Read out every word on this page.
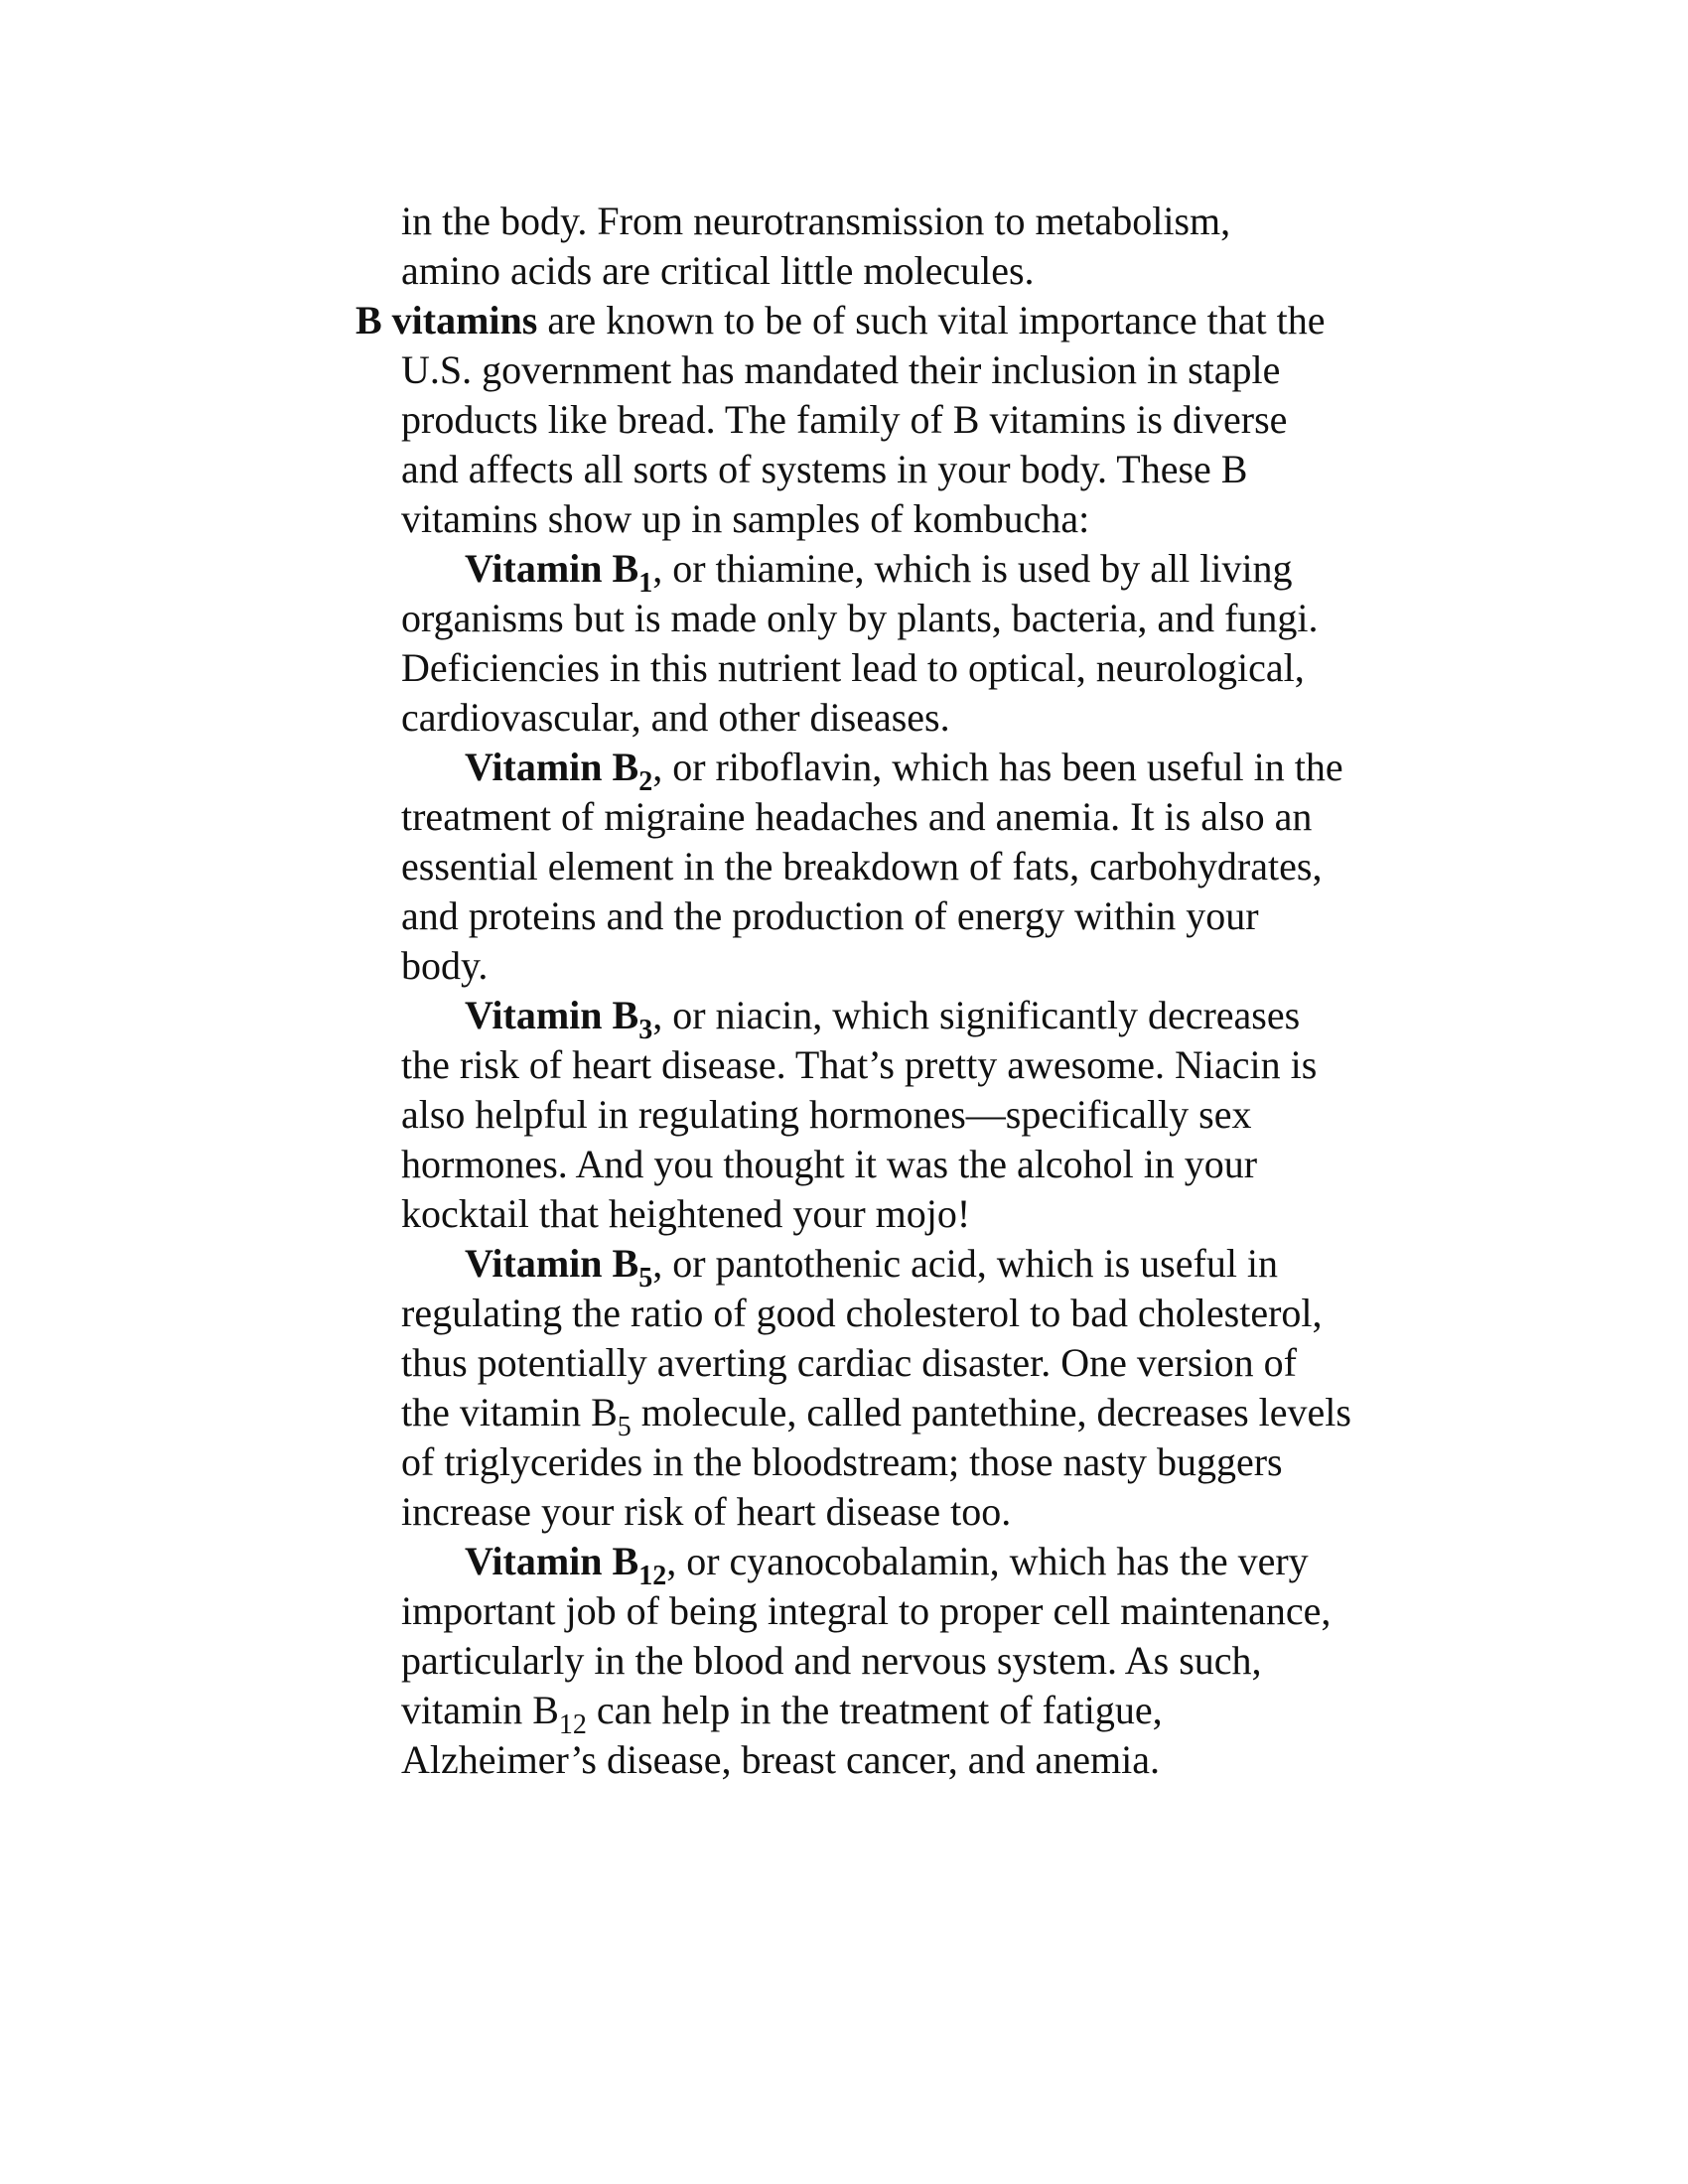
in the body. From neurotransmission to metabolism,
amino acids are critical little molecules.

B vitamins are known to be of such vital importance that the U.S. government has mandated their inclusion in staple products like bread. The family of B vitamins is diverse and affects all sorts of systems in your body. These B vitamins show up in samples of kombucha:

Vitamin $B_1$, or thiamine, which is used by all living organisms but is made only by plants, bacteria, and fungi. Deficiencies in this nutrient lead to optical, neurological, cardiovascular, and other diseases.

Vitamin $B_2$, or riboflavin, which has been useful in the treatment of migraine headaches and anemia. It is also an essential element in the breakdown of fats, carbohydrates, and proteins and the production of energy within your body.

Vitamin $B_3$, or niacin, which significantly decreases the risk of heart disease. That’s pretty awesome. Niacin is also helpful in regulating hormones—specifically sex hormones. And you thought it was the alcohol in your kocktail that heightened your mojo!

Vitamin $B_5$, or pantothenic acid, which is useful in regulating the ratio of good cholesterol to bad cholesterol, thus potentially averting cardiac disaster. One version of the vitamin $B_5$ molecule, called pantethine, decreases levels of triglycerides in the bloodstream; those nasty buggers increase your risk of heart disease too.

Vitamin $B_{12}$, or cyanocobalamin, which has the very important job of being integral to proper cell maintenance, particularly in the blood and nervous system. As such, vitamin $B_{12}$ can help in the treatment of fatigue, Alzheimer’s disease, breast cancer, and anemia.
